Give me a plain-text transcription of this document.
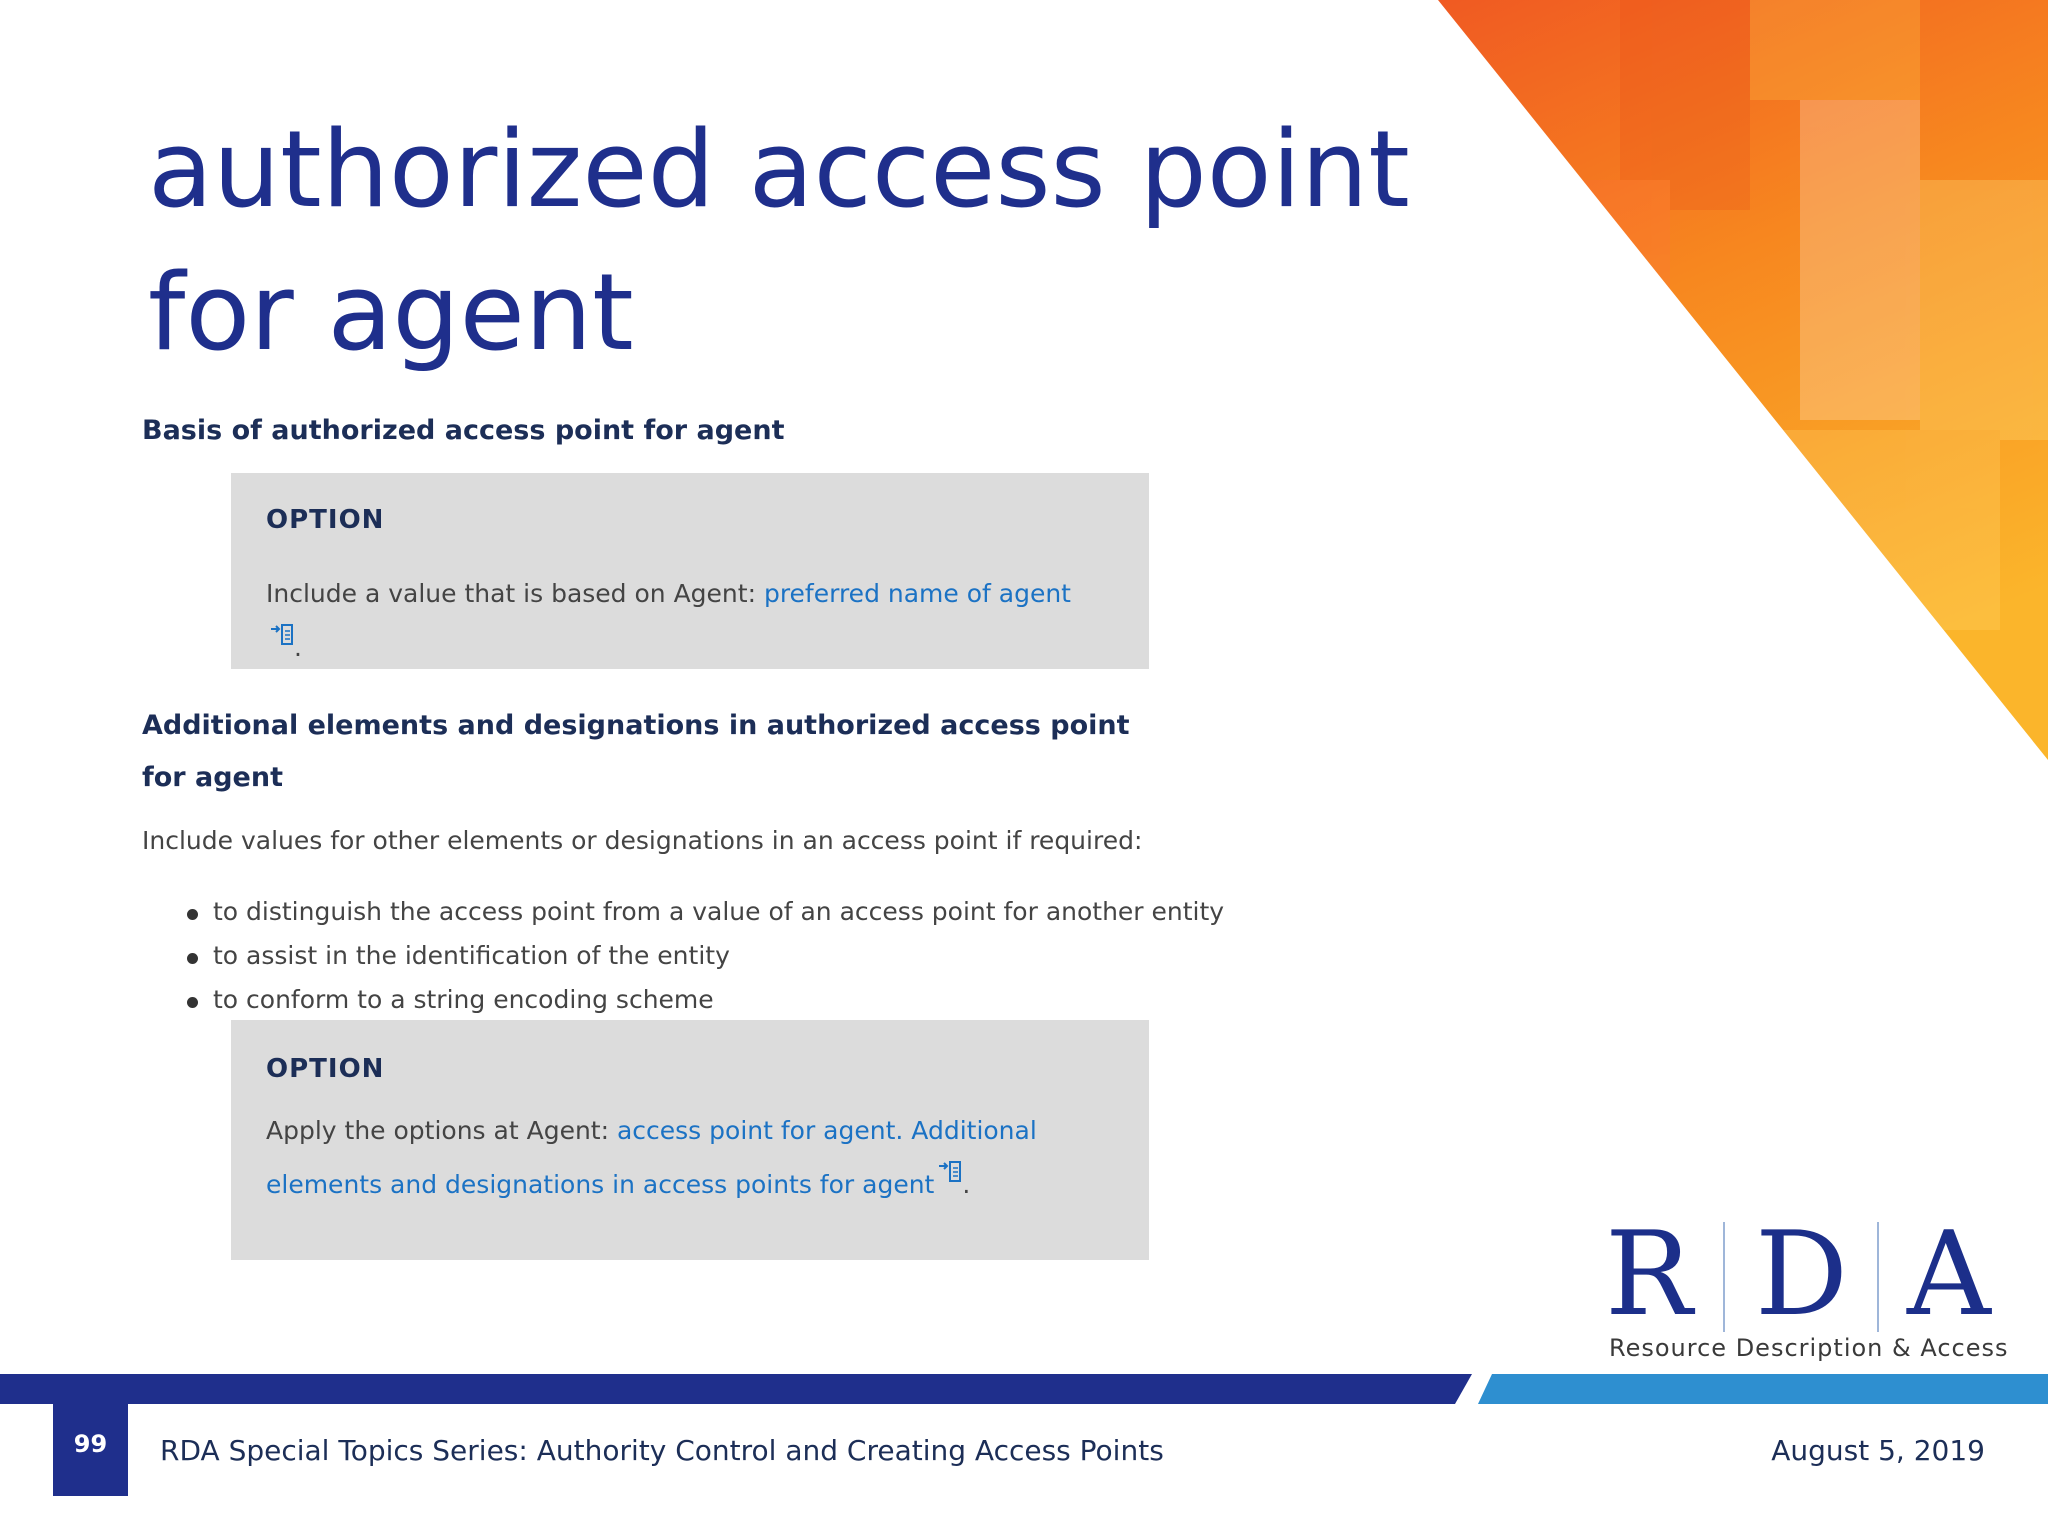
authorized access point for agent
Basis of authorized access point for agent
OPTION
Include a value that is based on Agent: preferred name of agent.
Additional elements and designations in authorized access point for agent

Include values for other elements or designations in an access point if required:

to distinguish the access point from a value of an access point for another entity
to assist in the identification of the entity
to conform to a string encoding scheme
OPTION
Apply the options at Agent: access point for agent. Additional elements and designations in access points for agent .
R D A
Resource Description & Access
99	RDA Special Topics Series: Authority Control and Creating Access Points	August 5, 2019
